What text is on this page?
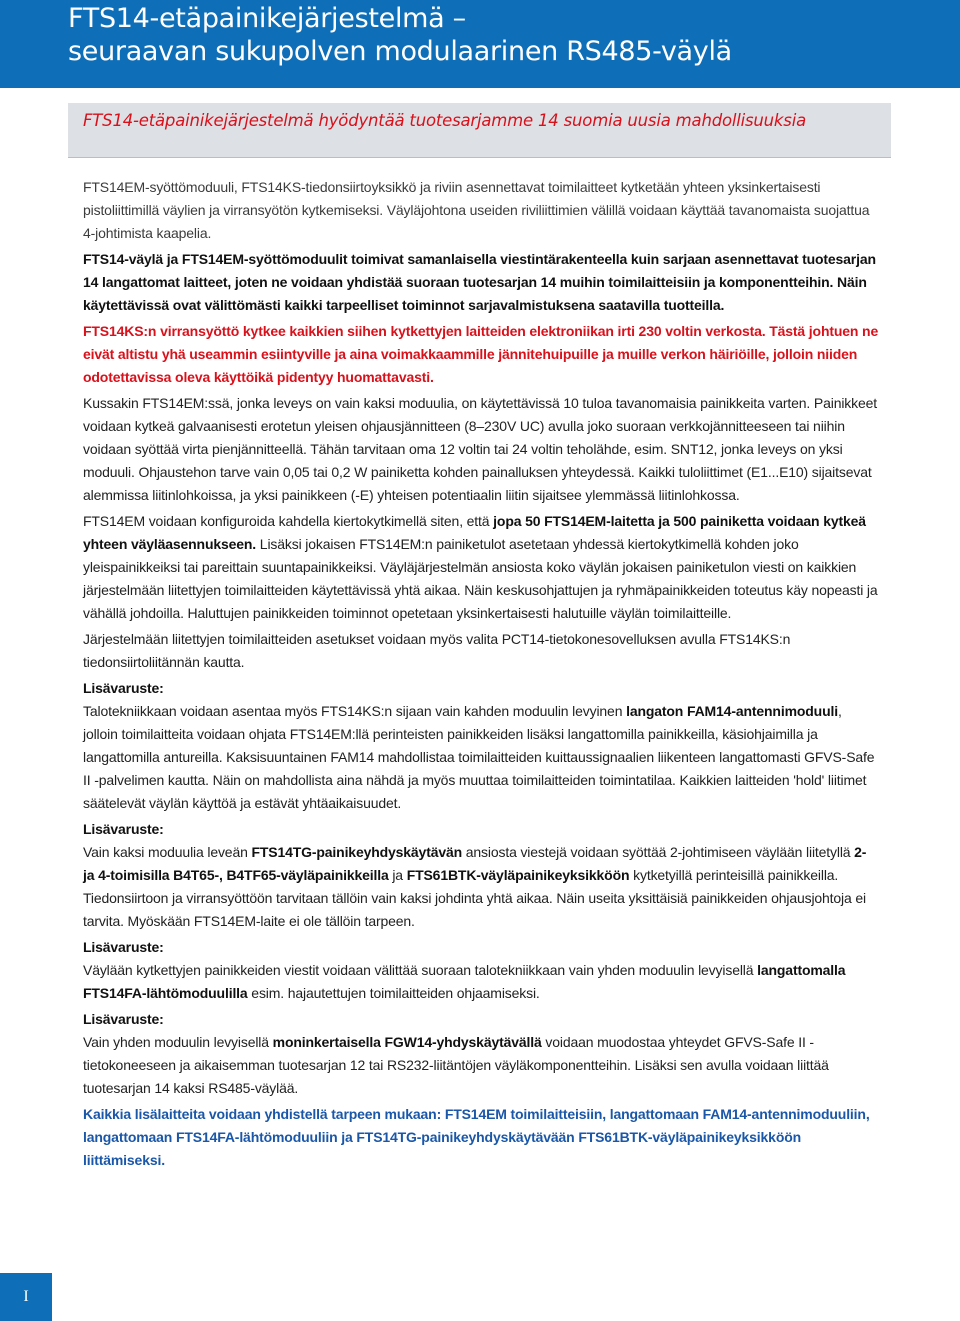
FTS14-etäpainikejärjestelmä –
seuraavan sukupolven modulaarinen RS485-väylä
FTS14-etäpainikejärjestelmä hyödyntää tuotesarjamme 14 suomia uusia mahdollisuuksia

FTS14EM-syöttömoduuli, FTS14KS-tiedonsiirtoyksikkö ja riviin asennettavat toimilaitteet kytketään yhteen yksinkertaisesti pistoliittimillä väylien ja virransyötön kytkemiseksi. Väyläjohtona useiden riviliittimien välillä voidaan käyttää tavanomaista suojattua 4-johtimista kaapelia.

FTS14-väylä ja FTS14EM-syöttömoduulit toimivat samanlaisella viestintärakenteella kuin sarjaan asennettavat tuotesarjan 14 langattomat laitteet, joten ne voidaan yhdistää suoraan tuotesarjan 14 muihin toimilaitteisiin ja komponentteihin. Näin käytettävissä ovat välittömästi kaikki tarpeelliset toiminnot sarjavalmistuksena saatavilla tuotteilla.

FTS14KS:n virransyöttö kytkee kaikkien siihen kytkettyjen laitteiden elektroniikan irti 230 voltin verkosta. Tästä johtuen ne eivät altistu yhä useammin esiintyville ja aina voimakkaammille jännitehuipuille ja muille verkon häiriöille, jolloin niiden odotettavissa oleva käyttöikä pidentyy huomattavasti.

Kussakin FTS14EM:ssä, jonka leveys on vain kaksi moduulia, on käytettävissä 10 tuloa tavanomaisia painikkeita varten. Painikkeet voidaan kytkeä galvaanisesti erotetun yleisen ohjausjännitteen (8–230V UC) avulla joko suoraan verkkojännitteeseen tai niihin voidaan syöttää virta pienjännitteellä. Tähän tarvitaan oma 12 voltin tai 24 voltin teholähde, esim. SNT12, jonka leveys on yksi moduuli. Ohjaustehon tarve vain 0,05 tai 0,2 W painiketta kohden painalluksen yhteydessä. Kaikki tuloliittimet (E1...E10) sijaitsevat alemmissa liitinlohkoissa, ja yksi painikkeen (-E) yhteisen potentiaalin liitin sijaitsee ylemmässä liitinlohkossa.

FTS14EM voidaan konfiguroida kahdella kiertokytkimellä siten, että jopa 50 FTS14EM-laitetta ja 500 painiketta voidaan kytkeä yhteen väyläasennukseen. Lisäksi jokaisen FTS14EM:n painiketulot asetetaan yhdessä kiertokytkimellä kohden joko yleispainikkeiksi tai pareittain suuntapainikkeiksi. Väyläjärjestelmän ansiosta koko väylän jokaisen painiketulon viesti on kaikkien järjestelmään liitettyjen toimilaitteiden käytettävissä yhtä aikaa. Näin keskusohjattujen ja ryhmäpainikkeiden toteutus käy nopeasti ja vähällä johdoilla. Haluttujen painikkeiden toiminnot opetetaan yksinkertaisesti halutuille väylän toimilaitteille.

Järjestelmään liitettyjen toimilaitteiden asetukset voidaan myös valita PCT14-tietokonesovelluksen avulla FTS14KS:n tiedonsiirtoliitännän kautta.

Lisävaruste:

Talotekniikkaan voidaan asentaa myös FTS14KS:n sijaan vain kahden moduulin levyinen langaton FAM14-antennimoduuli, jolloin toimilaitteita voidaan ohjata FTS14EM:llä perinteisten painikkeiden lisäksi langattomilla painikkeilla, käsiohjaimilla ja langattomilla antureilla. Kaksisuuntainen FAM14 mahdollistaa toimilaitteiden kuittaussignaalien liikenteen langattomasti GFVS-Safe II -palvelimen kautta. Näin on mahdollista aina nähdä ja myös muuttaa toimilaitteiden toimintatilaa. Kaikkien laitteiden 'hold' liitimet säätelevät väylän käyttöä ja estävät yhtäaikaisuudet.

Lisävaruste:

Vain kaksi moduulia leveän FTS14TG-painikeyhdyskäytävän ansiosta viestejä voidaan syöttää 2-johtimiseen väylään liitetyllä 2- ja 4-toimisilla B4T65-, B4TF65-väyläpainikkeilla ja FTS61BTK-väyläpainikeyksikköön kytketyillä perinteisillä painikkeilla. Tiedonsiirtoon ja virransyöttöön tarvitaan tällöin vain kaksi johdinta yhtä aikaa. Näin useita yksittäisiä painikkeiden ohjausjohtoja ei tarvita. Myöskään FTS14EM-laite ei ole tällöin tarpeen.

Lisävaruste:

Väylään kytkettyjen painikkeiden viestit voidaan välittää suoraan talotekniikkaan vain yhden moduulin levyisellä langattomalla FTS14FA-lähtömoduulilla esim. hajautettujen toimilaitteiden ohjaamiseksi.

Lisävaruste:

Vain yhden moduulin levyisellä moninkertaisella FGW14-yhdyskäytävällä voidaan muodostaa yhteydet GFVS-Safe II -tietokoneeseen ja aikaisemman tuotesarjan 12 tai RS232-liitäntöjen väyläkomponentteihin. Lisäksi sen avulla voidaan liittää tuotesarjan 14 kaksi RS485-väylää.

Kaikkia lisälaitteita voidaan yhdistellä tarpeen mukaan: FTS14EM toimilaitteisiin, langattomaan FAM14-antennimoduuliin, langattomaan FTS14FA-lähtömoduuliin ja FTS14TG-painikeyhdyskäytävään FTS61BTK-väyläpainikeyksikköön liittämiseksi.

I
